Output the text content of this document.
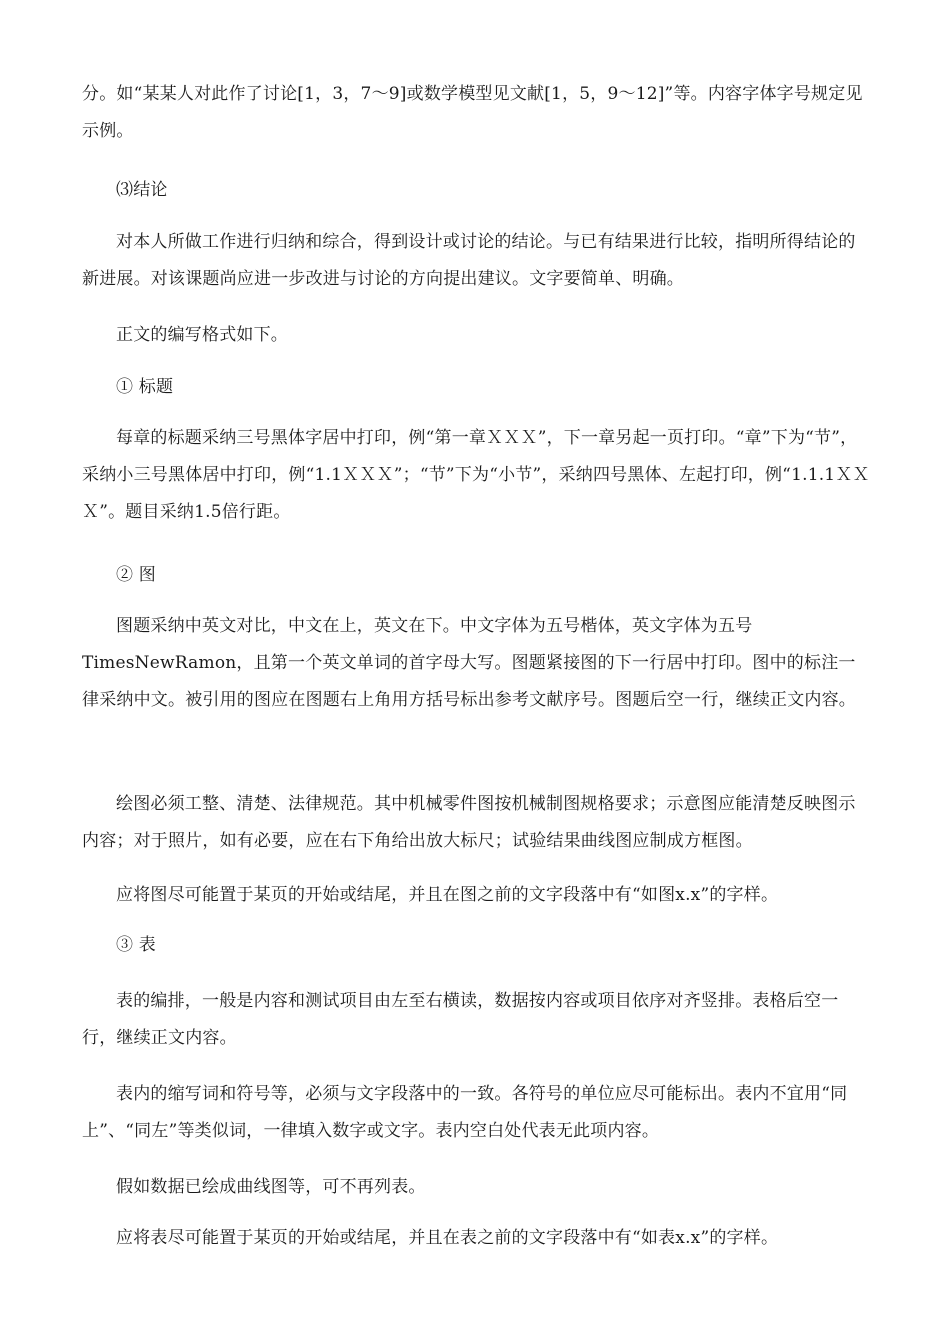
分。如“某某人对此作了讨论[1，3，7～9]或数学模型见文献[1，5，9～12]”等。内容字体字号规定见示例。

⑶结论

对本人所做工作进行归纳和综合，得到设计或讨论的结论。与已有结果进行比较，指明所得结论的新进展。对该课题尚应进一步改进与讨论的方向提出建议。文字要简单、明确。

正文的编写格式如下。

① 标题

每章的标题采纳三号黑体字居中打印，例“第一章ＸＸＸ”，下一章另起一页打印。“章”下为“节”，采纳小三号黑体居中打印，例“1.1ＸＸＸ”；“节”下为“小节”，采纳四号黑体、左起打印，例“1.1.1ＸＸＸ”。题目采纳1.5倍行距。

② 图

图题采纳中英文对比，中文在上，英文在下。中文字体为五号楷体，英文字体为五号TimesNewRamon，且第一个英文单词的首字母大写。图题紧接图的下一行居中打印。图中的标注一律采纳中文。被引用的图应在图题右上角用方括号标出参考文献序号。图题后空一行，继续正文内容。

绘图必须工整、清楚、法律规范。其中机械零件图按机械制图规格要求；示意图应能清楚反映图示内容；对于照片，如有必要，应在右下角给出放大标尺；试验结果曲线图应制成方框图。

应将图尽可能置于某页的开始或结尾，并且在图之前的文字段落中有“如图x.x”的字样。

③ 表

表的编排，一般是内容和测试项目由左至右横读，数据按内容或项目依序对齐竖排。表格后空一行，继续正文内容。

表内的缩写词和符号等，必须与文字段落中的一致。各符号的单位应尽可能标出。表内不宜用“同上”、“同左”等类似词，一律填入数字或文字。表内空白处代表无此项内容。

假如数据已绘成曲线图等，可不再列表。

应将表尽可能置于某页的开始或结尾，并且在表之前的文字段落中有“如表x.x”的字样。
